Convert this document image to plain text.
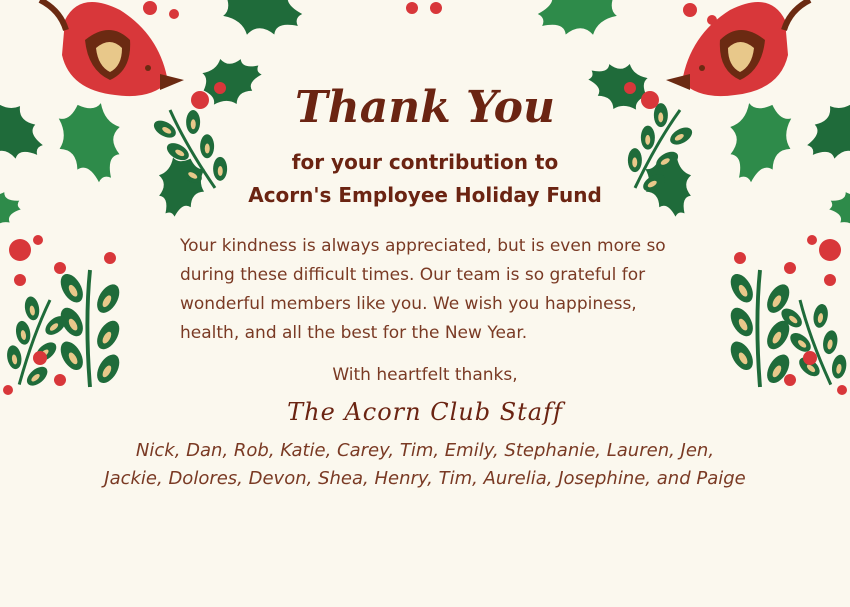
Thank You

for your contribution to

Acorn's Employee Holiday Fund

Your kindness is always appreciated, but is even more so during these difficult times. Our team is so grateful for wonderful members like you. We wish you happiness, health, and all the best for the New Year.

With heartfelt thanks,

The Acorn Club Staff

Nick, Dan, Rob, Katie, Carey, Tim, Emily, Stephanie, Lauren, Jen,

Jackie, Dolores, Devon, Shea, Henry, Tim, Aurelia, Josephine, and Paige
